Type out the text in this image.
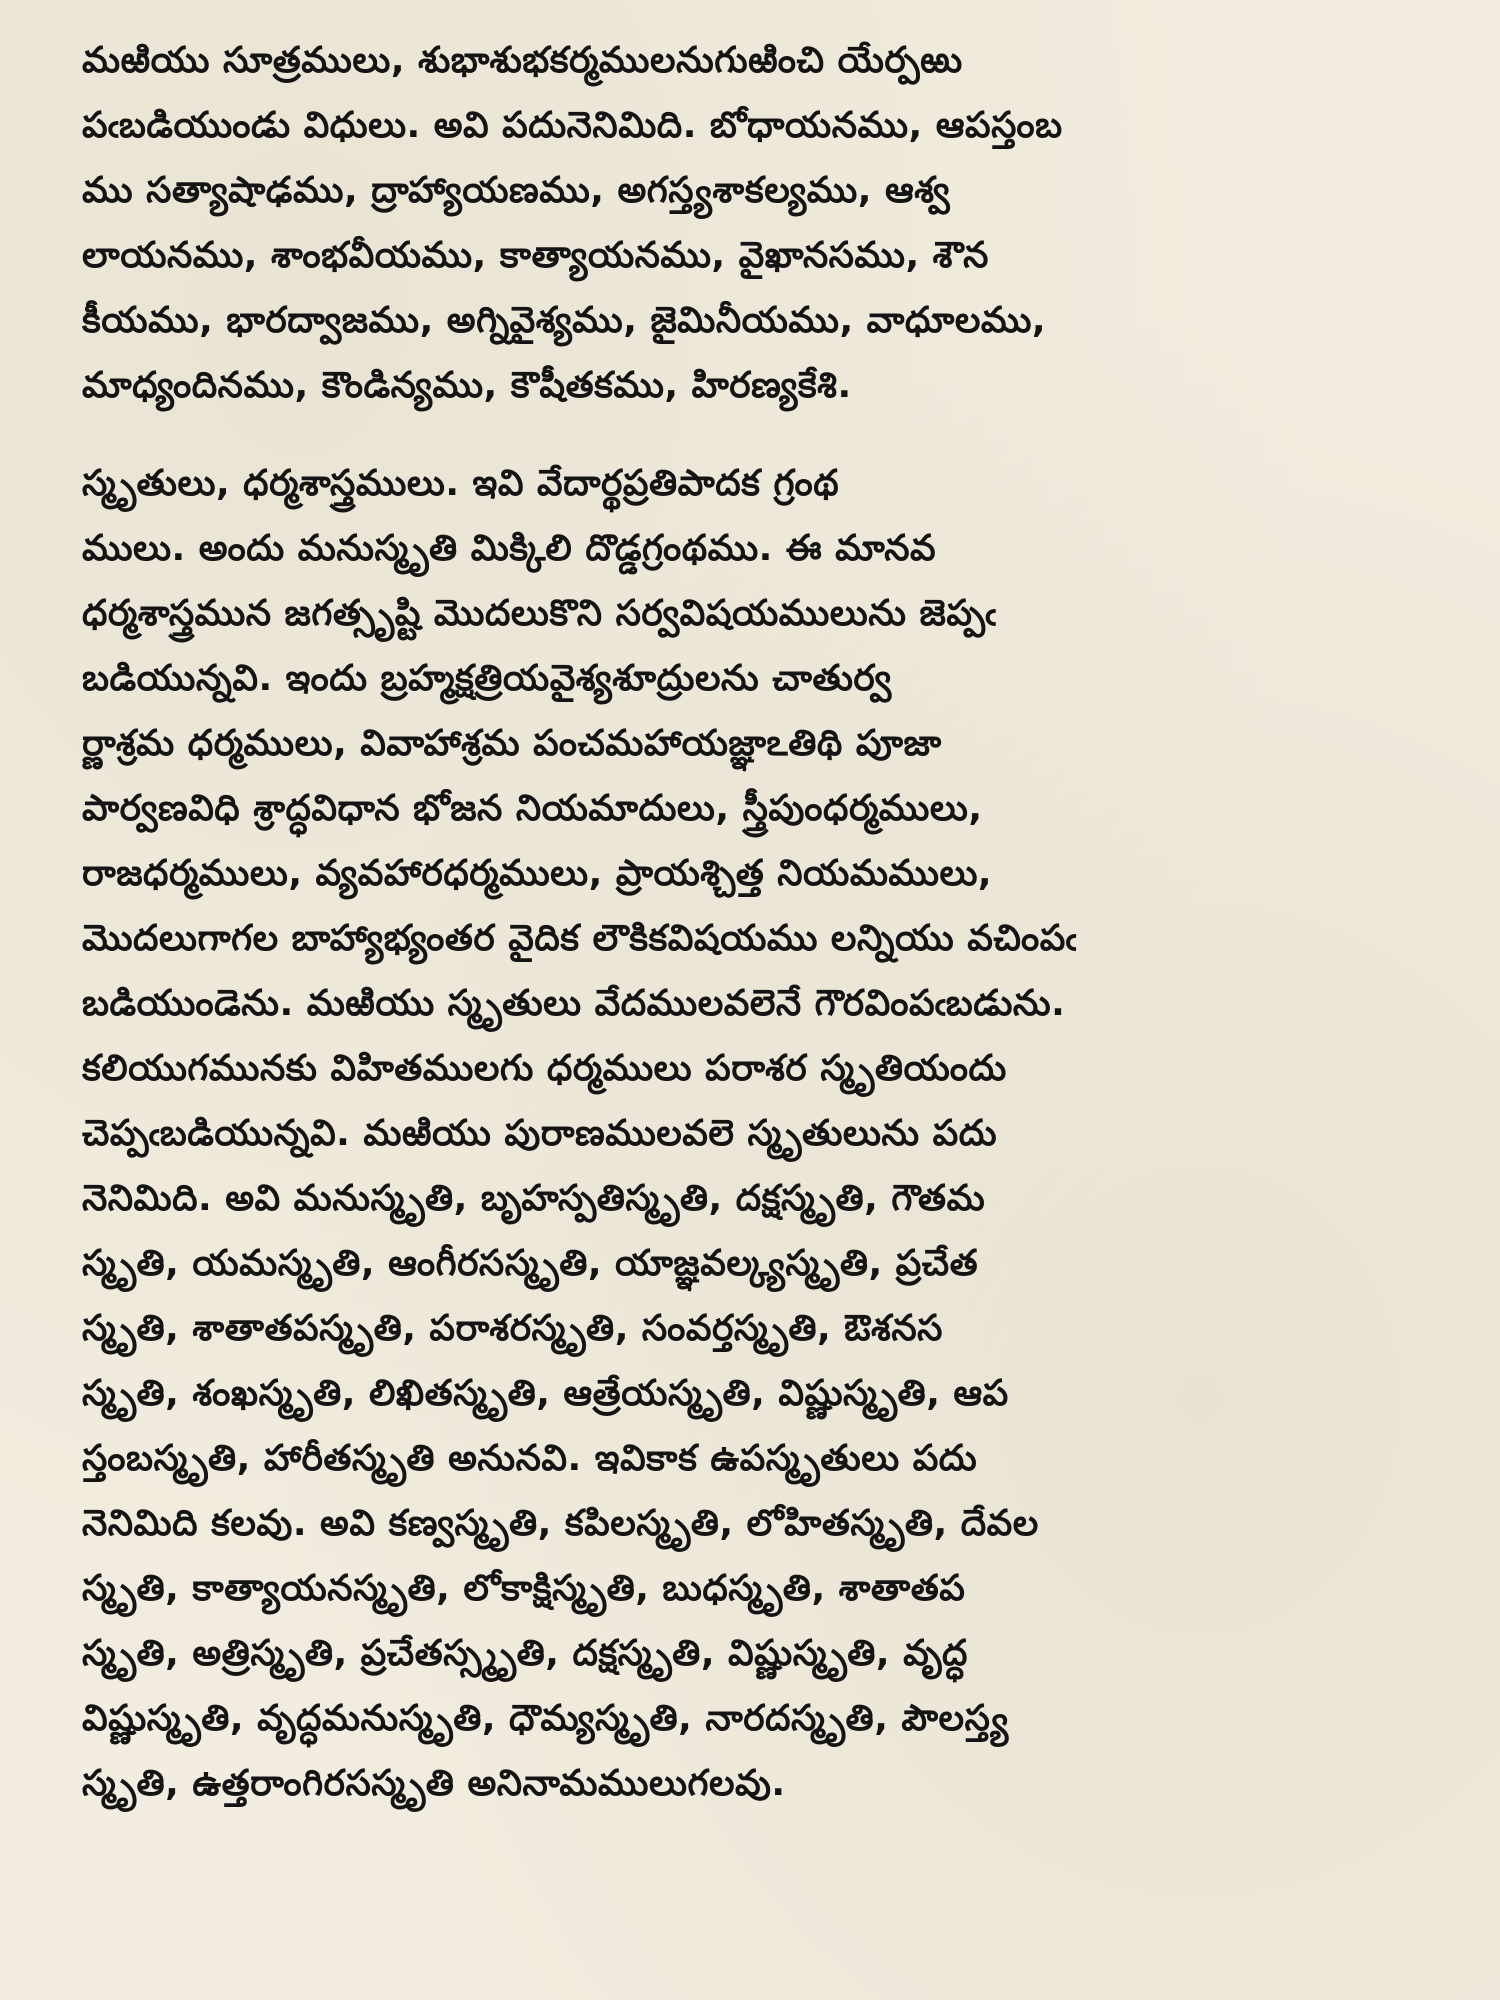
మఱియు సూత్రములు, శుభాశుభకర్మములనుగుఱించి యేర్పఱు
పఁబడియుండు విధులు. అవి పదునెనిమిది. బోధాయనము, ఆపస్తంబ
ము సత్యాషాఢము, ద్రాహ్యాయణము, అగస్త్యశాకల్యము, ఆశ్వ
లాయనము, శాంభవీయము, కాత్యాయనము, వైఖానసము, శౌన
కీయము, భారద్వాజము, అగ్నివైశ్యము, జైమినీయము, వాధూలము,
మాధ్యందినము, కౌండిన్యము, కౌషీతకము, హిరణ్యకేశి.
స్మృతులు, ధర్మశాస్త్రములు. ఇవి వేదార్థప్రతిపాదక గ్రంథ
ములు. అందు మనుస్మృతి మిక్కిలి దొడ్డగ్రంథము. ఈ మానవ
ధర్మశాస్త్రమున జగత్సృష్టి మొదలుకొని సర్వవిషయములును జెప్పఁ
బడియున్నవి. ఇందు బ్రహ్మక్షత్రియవైశ్యశూద్రులను చాతుర్వ
ర్ణాశ్రమ ధర్మములు, వివాహాశ్రమ పంచమహాయజ్ఞాఽతిథి పూజా
పార్వణవిధి శ్రాద్ధవిధాన భోజన నియమాదులు, స్త్రీపుంధర్మములు,
రాజధర్మములు, వ్యవహారధర్మములు, ప్రాయశ్చిత్త నియమములు,
మొదలుగాగల బాహ్యాభ్యంతర వైదిక లౌకికవిషయము లన్నియు వచింపఁ
బడియుండెను. మఱియు స్మృతులు వేదములవలెనే గౌరవింపఁబడును.
కలియుగమునకు విహితములగు ధర్మములు పరాశర స్మృతియందు
చెప్పఁబడియున్నవి. మఱియు పురాణములవలె స్మృతులును పదు
నెనిమిది. అవి మనుస్మృతి, బృహస్పతిస్మృతి, దక్షస్మృతి, గౌతమ
స్మృతి, యమస్మృతి, ఆంగీరసస్మృతి, యాజ్ఞవల్క్యస్మృతి, ప్రచేత
స్మృతి, శాతాతపస్మృతి, పరాశరస్మృతి, సంవర్తస్మృతి, ఔశనస
స్మృతి, శంఖస్మృతి, లిఖితస్మృతి, ఆత్రేయస్మృతి, విష్ణుస్మృతి, ఆప
స్తంబస్మృతి, హారీతస్మృతి అనునవి. ఇవికాక ఉపస్మృతులు పదు
నెనిమిది కలవు. అవి కణ్వస్మృతి, కపిలస్మృతి, లోహితస్మృతి, దేవల
స్మృతి, కాత్యాయనస్మృతి, లోకాక్షిస్మృతి, బుధస్మృతి, శాతాతప
స్మృతి, అత్రిస్మృతి, ప్రచేతస్స్మృతి, దక్షస్మృతి, విష్ణుస్మృతి, వృద్ధ
విష్ణుస్మృతి, వృద్ధమనుస్మృతి, ధౌమ్యస్మృతి, నారదస్మృతి, పౌలస్త్య
స్మృతి, ఉత్తరాంగిరసస్మృతి అనినామములుగలవు.
